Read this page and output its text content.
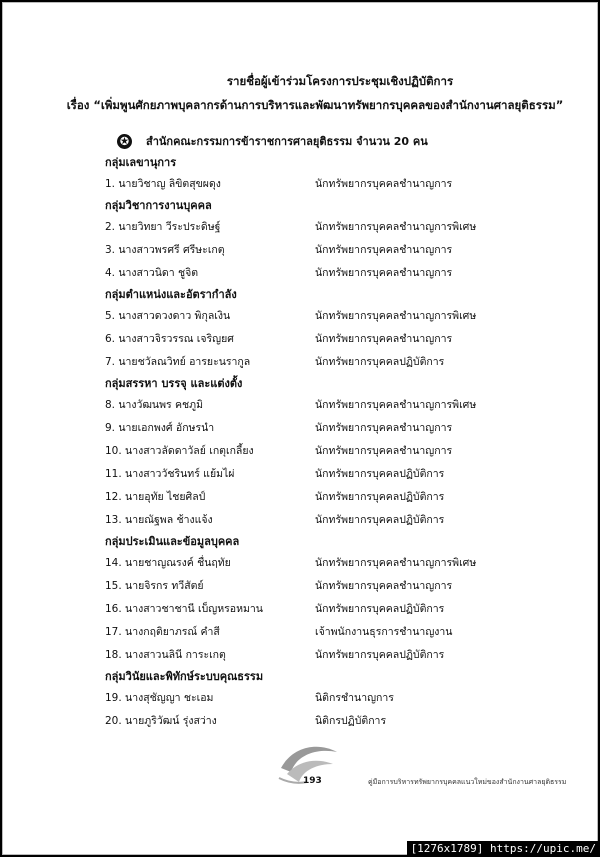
รายชื่อผู้เข้าร่วมโครงการประชุมเชิงปฏิบัติการ
เรื่อง “เพิ่มพูนศักยภาพบุคลากรด้านการบริหารและพัฒนาทรัพยากรบุคคลของสำนักงานศาลยุติธรรม”
✪ สำนักคณะกรรมการข้าราชการศาลยุติธรรม จำนวน 20 คน
กลุ่มเลขานุการ
1. นายวิชาญ ลิขิตสุขผดุง	นักทรัพยากรบุคคลชำนาญการ
กลุ่มวิชาการงานบุคคล
2. นายวิทยา วีระประดิษฐ์	นักทรัพยากรบุคคลชำนาญการพิเศษ
3. นางสาวพรศรี ศรีษะเกตุ	นักทรัพยากรบุคคลชำนาญการ
4. นางสาวนิดา ชูจิต	นักทรัพยากรบุคคลชำนาญการ
กลุ่มตำแหน่งและอัตรากำลัง
5. นางสาวดวงดาว พิกุลเงิน	นักทรัพยากรบุคคลชำนาญการพิเศษ
6. นางสาวจิรวรรณ เจริญยศ	นักทรัพยากรบุคคลชำนาญการ
7. นายชวัลณวิทย์ อารยะนรากูล	นักทรัพยากรบุคคลปฏิบัติการ
กลุ่มสรรหา บรรจุ และแต่งตั้ง
8. นางวัฒนพร คชภูมิ	นักทรัพยากรบุคคลชำนาญการพิเศษ
9. นายเอกพงศ์ อักษรนำ	นักทรัพยากรบุคคลชำนาญการ
10. นางสาวลัดดาวัลย์ เกตุเกลี้ยง	นักทรัพยากรบุคคลชำนาญการ
11. นางสาววัชรินทร์ แย้มไผ่	นักทรัพยากรบุคคลปฏิบัติการ
12. นายอุทัย ไชยศิลป์	นักทรัพยากรบุคคลปฏิบัติการ
13. นายณัฐพล ช้างแจ้ง	นักทรัพยากรบุคคลปฏิบัติการ
กลุ่มประเมินและข้อมูลบุคคล
14. นายชาญณรงค์ ชื่นฤทัย	นักทรัพยากรบุคคลชำนาญการพิเศษ
15. นายจิรกร ทวีสัตย์	นักทรัพยากรบุคคลชำนาญการ
16. นางสาวชาชานี เบ็ญหรอหมาน	นักทรัพยากรบุคคลปฏิบัติการ
17. นางกฤติยาภรณ์ คำสี	เจ้าพนักงานธุรการชำนาญงาน
18. นางสาวนลินี การะเกตุ	นักทรัพยากรบุคคลปฏิบัติการ
กลุ่มวินัยและพิทักษ์ระบบคุณธรรม
19. นางสุชัญญา ชะเอม	นิติกรชำนาญการ
20. นายภูริวัฒน์ รุ่งสว่าง	นิติกรปฏิบัติการ
193	คู่มือการบริหารทรัพยากรบุคคลแนวใหม่ของสำนักงานศาลยุติธรรม
[1276x1789] https://upic.me/
